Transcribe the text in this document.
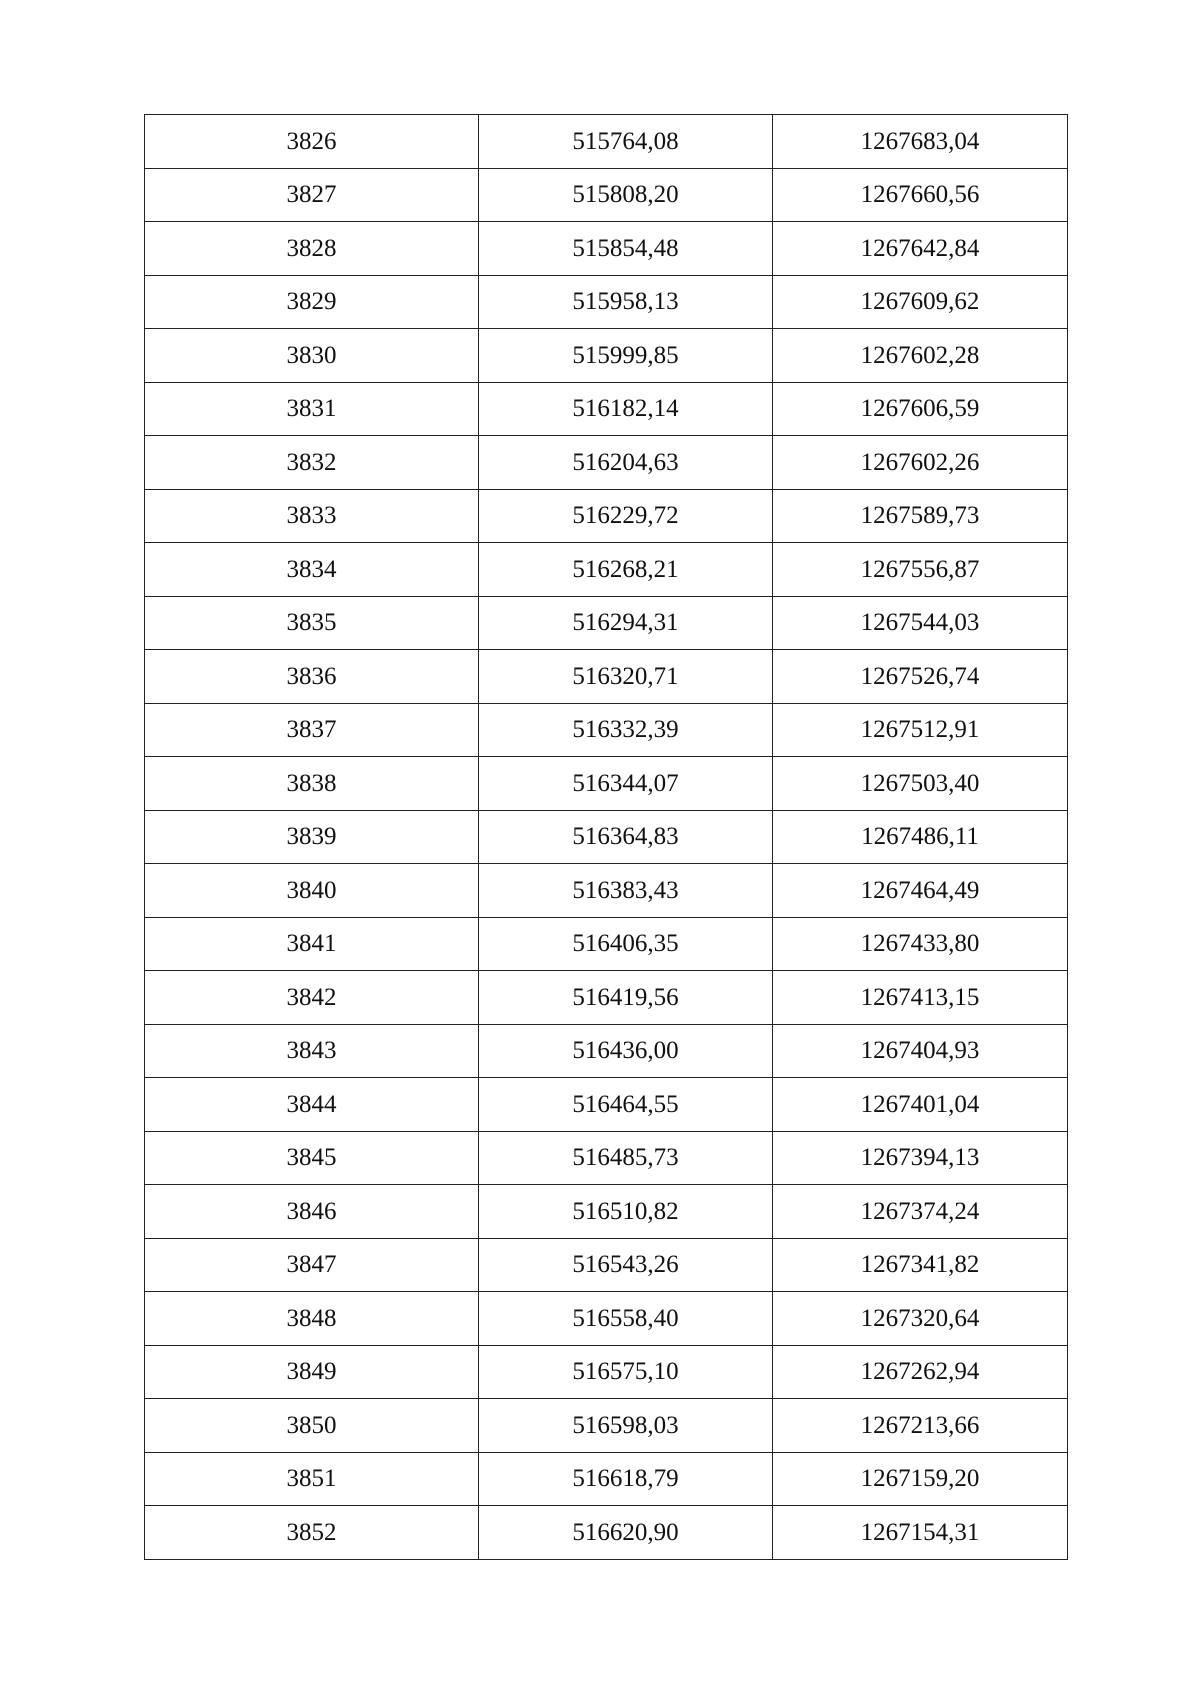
3826	515764,08	1267683,04
3827	515808,20	1267660,56
3828	515854,48	1267642,84
3829	515958,13	1267609,62
3830	515999,85	1267602,28
3831	516182,14	1267606,59
3832	516204,63	1267602,26
3833	516229,72	1267589,73
3834	516268,21	1267556,87
3835	516294,31	1267544,03
3836	516320,71	1267526,74
3837	516332,39	1267512,91
3838	516344,07	1267503,40
3839	516364,83	1267486,11
3840	516383,43	1267464,49
3841	516406,35	1267433,80
3842	516419,56	1267413,15
3843	516436,00	1267404,93
3844	516464,55	1267401,04
3845	516485,73	1267394,13
3846	516510,82	1267374,24
3847	516543,26	1267341,82
3848	516558,40	1267320,64
3849	516575,10	1267262,94
3850	516598,03	1267213,66
3851	516618,79	1267159,20
3852	516620,90	1267154,31
